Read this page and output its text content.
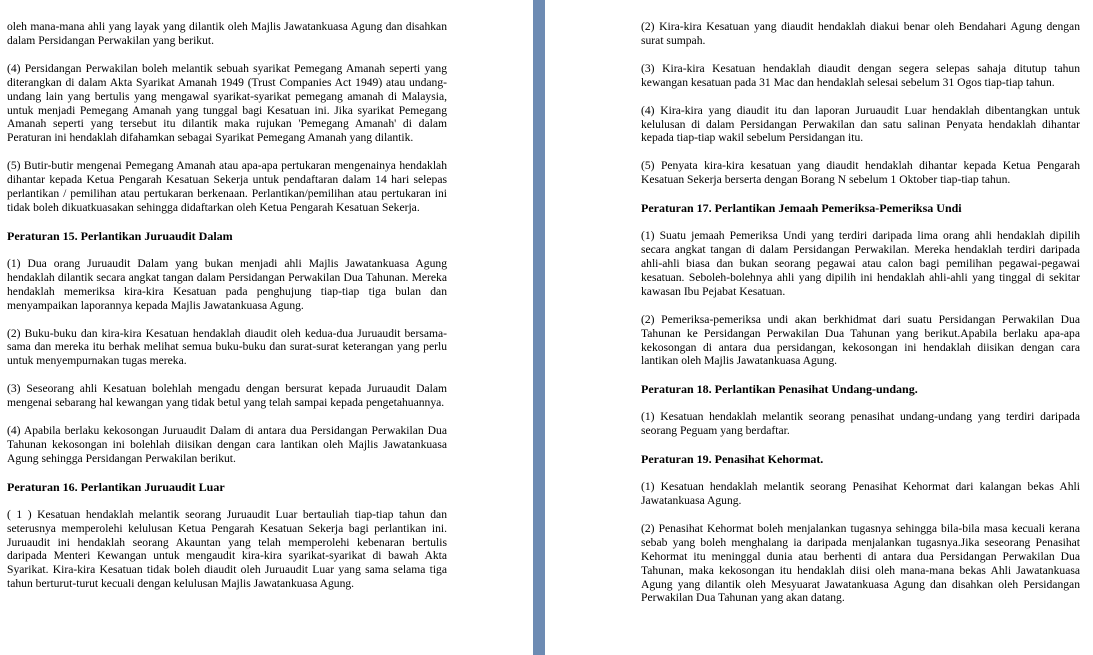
oleh mana-mana ahli yang layak yang dilantik oleh Majlis Jawatankuasa Agung dan disahkan dalam Persidangan Perwakilan yang berikut.

(4) Persidangan Perwakilan boleh melantik sebuah syarikat Pemegang Amanah seperti yang diterangkan di dalam Akta Syarikat Amanah 1949 (Trust Companies Act 1949) atau undang-undang lain yang bertulis yang mengawal syarikat-syarikat pemegang amanah di Malaysia, untuk menjadi Pemegang Amanah yang tunggal bagi Kesatuan ini. Jika syarikat Pemegang Amanah seperti yang tersebut itu dilantik maka rujukan 'Pemegang Amanah' di dalam Peraturan ini hendaklah difahamkan sebagai Syarikat Pemegang Amanah yang dilantik.

(5) Butir-butir mengenai Pemegang Amanah atau apa-apa pertukaran mengenainya hendaklah dihantar kepada Ketua Pengarah Kesatuan Sekerja untuk pendaftaran dalam 14 hari selepas perlantikan / pemilihan atau pertukaran berkenaan. Perlantikan/pemilihan atau pertukaran ini tidak boleh dikuatkuasakan sehingga didaftarkan oleh Ketua Pengarah Kesatuan Sekerja.

Peraturan 15. Perlantikan Juruaudit Dalam

(1) Dua orang Juruaudit Dalam yang bukan menjadi ahli Majlis Jawatankuasa Agung hendaklah dilantik secara angkat tangan dalam Persidangan Perwakilan Dua Tahunan. Mereka hendaklah memeriksa kira-kira Kesatuan pada penghujung tiap-tiap tiga bulan dan menyampaikan laporannya kepada Majlis Jawatankuasa Agung.

(2) Buku-buku dan kira-kira Kesatuan hendaklah diaudit oleh kedua-dua Juruaudit bersama-sama dan mereka itu berhak melihat semua buku-buku dan surat-surat keterangan yang perlu untuk menyempurnakan tugas mereka.

(3) Seseorang ahli Kesatuan bolehlah mengadu dengan bersurat kepada Juruaudit Dalam mengenai sebarang hal kewangan yang tidak betul yang telah sampai kepada pengetahuannya.

(4) Apabila berlaku kekosongan Juruaudit Dalam di antara dua Persidangan Perwakilan Dua Tahunan kekosongan ini bolehlah diisikan dengan cara lantikan oleh Majlis Jawatankuasa Agung sehingga Persidangan Perwakilan berikut.

Peraturan 16. Perlantikan Juruaudit Luar

( 1 ) Kesatuan hendaklah melantik seorang Juruaudit Luar bertauliah tiap-tiap tahun dan seterusnya memperolehi kelulusan Ketua Pengarah Kesatuan Sekerja bagi perlantikan ini. Juruaudit ini hendaklah seorang Akauntan yang telah memperolehi kebenaran bertulis daripada Menteri Kewangan untuk mengaudit kira-kira syarikat-syarikat di bawah Akta Syarikat. Kira-kira Kesatuan tidak boleh diaudit oleh Juruaudit Luar yang sama selama tiga tahun berturut-turut kecuali dengan kelulusan Majlis Jawatankuasa Agung.

(2) Kira-kira Kesatuan yang diaudit hendaklah diakui benar oleh Bendahari Agung dengan surat sumpah.

(3) Kira-kira Kesatuan hendaklah diaudit dengan segera selepas sahaja ditutup tahun kewangan kesatuan pada 31 Mac dan hendaklah selesai sebelum 31 Ogos tiap-tiap tahun.

(4) Kira-kira yang diaudit itu dan laporan Juruaudit Luar hendaklah dibentangkan untuk kelulusan di dalam Persidangan Perwakilan dan satu salinan Penyata hendaklah dihantar kepada tiap-tiap wakil sebelum Persidangan itu.

(5) Penyata kira-kira kesatuan yang diaudit hendaklah dihantar kepada Ketua Pengarah Kesatuan Sekerja berserta dengan Borang N sebelum 1 Oktober tiap-tiap tahun.

Peraturan 17. Perlantikan Jemaah Pemeriksa-Pemeriksa Undi

(1) Suatu jemaah Pemeriksa Undi yang terdiri daripada lima orang ahli hendaklah dipilih secara angkat tangan di dalam Persidangan Perwakilan. Mereka hendaklah terdiri daripada ahli-ahli biasa dan bukan seorang pegawai atau calon bagi pemilihan pegawai-pegawai kesatuan. Seboleh-bolehnya ahli yang dipilih ini hendaklah ahli-ahli yang tinggal di sekitar kawasan Ibu Pejabat Kesatuan.

(2) Pemeriksa-pemeriksa undi akan berkhidmat dari suatu Persidangan Perwakilan Dua Tahunan ke Persidangan Perwakilan Dua Tahunan yang berikut.Apabila berlaku apa-apa kekosongan di antara dua persidangan, kekosongan ini hendaklah diisikan dengan cara lantikan oleh Majlis Jawatankuasa Agung.

Peraturan 18. Perlantikan Penasihat Undang-undang.

(1) Kesatuan hendaklah melantik seorang penasihat undang-undang yang terdiri daripada seorang Peguam yang berdaftar.

Peraturan 19. Penasihat Kehormat.

(1) Kesatuan hendaklah melantik seorang Penasihat Kehormat dari kalangan bekas Ahli Jawatankuasa Agung.

(2) Penasihat Kehormat boleh menjalankan tugasnya sehingga bila-bila masa kecuali kerana sebab yang boleh menghalang ia daripada menjalankan tugasnya.Jika seseorang Penasihat Kehormat itu meninggal dunia atau berhenti di antara dua Persidangan Perwakilan Dua Tahunan, maka kekosongan itu hendaklah diisi oleh mana-mana bekas Ahli Jawatankuasa Agung yang dilantik oleh Mesyuarat Jawatankuasa Agung dan disahkan oleh Persidangan Perwakilan Dua Tahunan yang akan datang.
